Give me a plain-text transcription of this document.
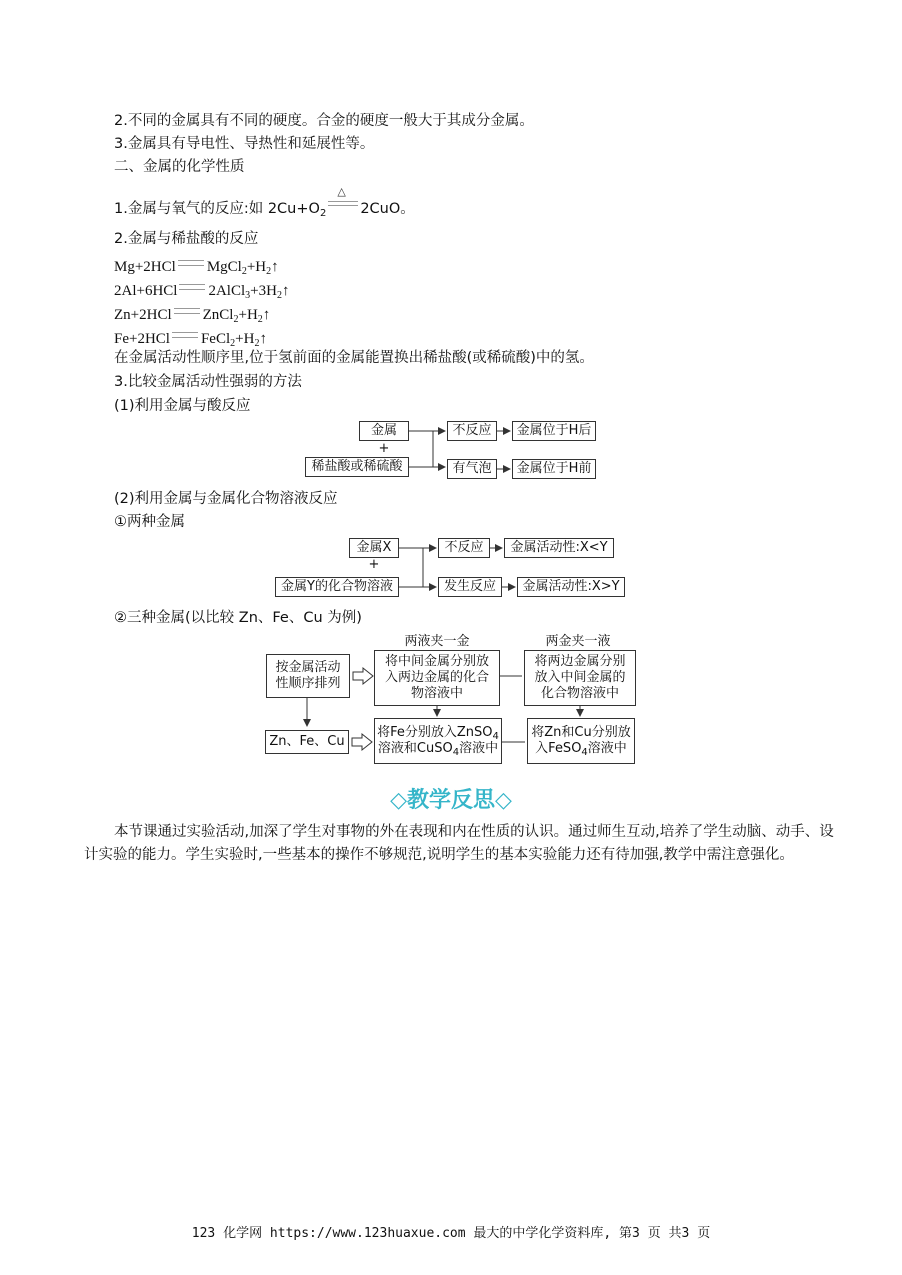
2.不同的金属具有不同的硬度。合金的硬度一般大于其成分金属。
3.金属具有导电性、导热性和延展性等。
二、金属的化学性质
1.金属与氧气的反应:如 $2Cu+O_2$
△
2CuO。
2.金属与稀盐酸的反应
Mg+2HCl $MgCl_2+H_2↑$
2Al+6HCl $2AlCl_3+3H_2↑$
Zn+2HCl $ZnCl_2+H_2↑$
Fe+2HCl $FeCl_2+H_2↑$
在金属活动性顺序里,位于氢前面的金属能置换出稀盐酸(或稀硫酸)中的氢。
3.比较金属活动性强弱的方法
(1)利用金属与酸反应
金属
+
稀盐酸或稀硫酸
不反应	金属位于H后
有气泡	金属位于H前
(2)利用金属与金属化合物溶液反应
①两种金属
金属X
+
金属Y的化合物溶液
不反应	金属活动性:X<Y
发生反应	金属活动性:X>Y
②三种金属(以比较 Zn、Fe、Cu 为例)
两液夹一金	两金夹一液
按金属活动性顺序排列
将中间金属分别放入两边金属的化合物溶液中
将两边金属分别放入中间金属的化合物溶液中
Zn、Fe、Cu
将Fe分别放入ZnSO$_4$
溶液和CuSO$_4$溶液中
将Zn和Cu分别放
入FeSO$_4$溶液中
◇教学反思◇
本节课通过实验活动,加深了学生对事物的外在表现和内在性质的认识。通过师生互动,培养了学生动脑、动手、设计实验的能力。学生实验时,一些基本的操作不够规范,说明学生的基本实验能力还有待加强,教学中需注意强化。
123 化学网 https://www.123huaxue.com 最大的中学化学资料库, 第3 页 共3 页
